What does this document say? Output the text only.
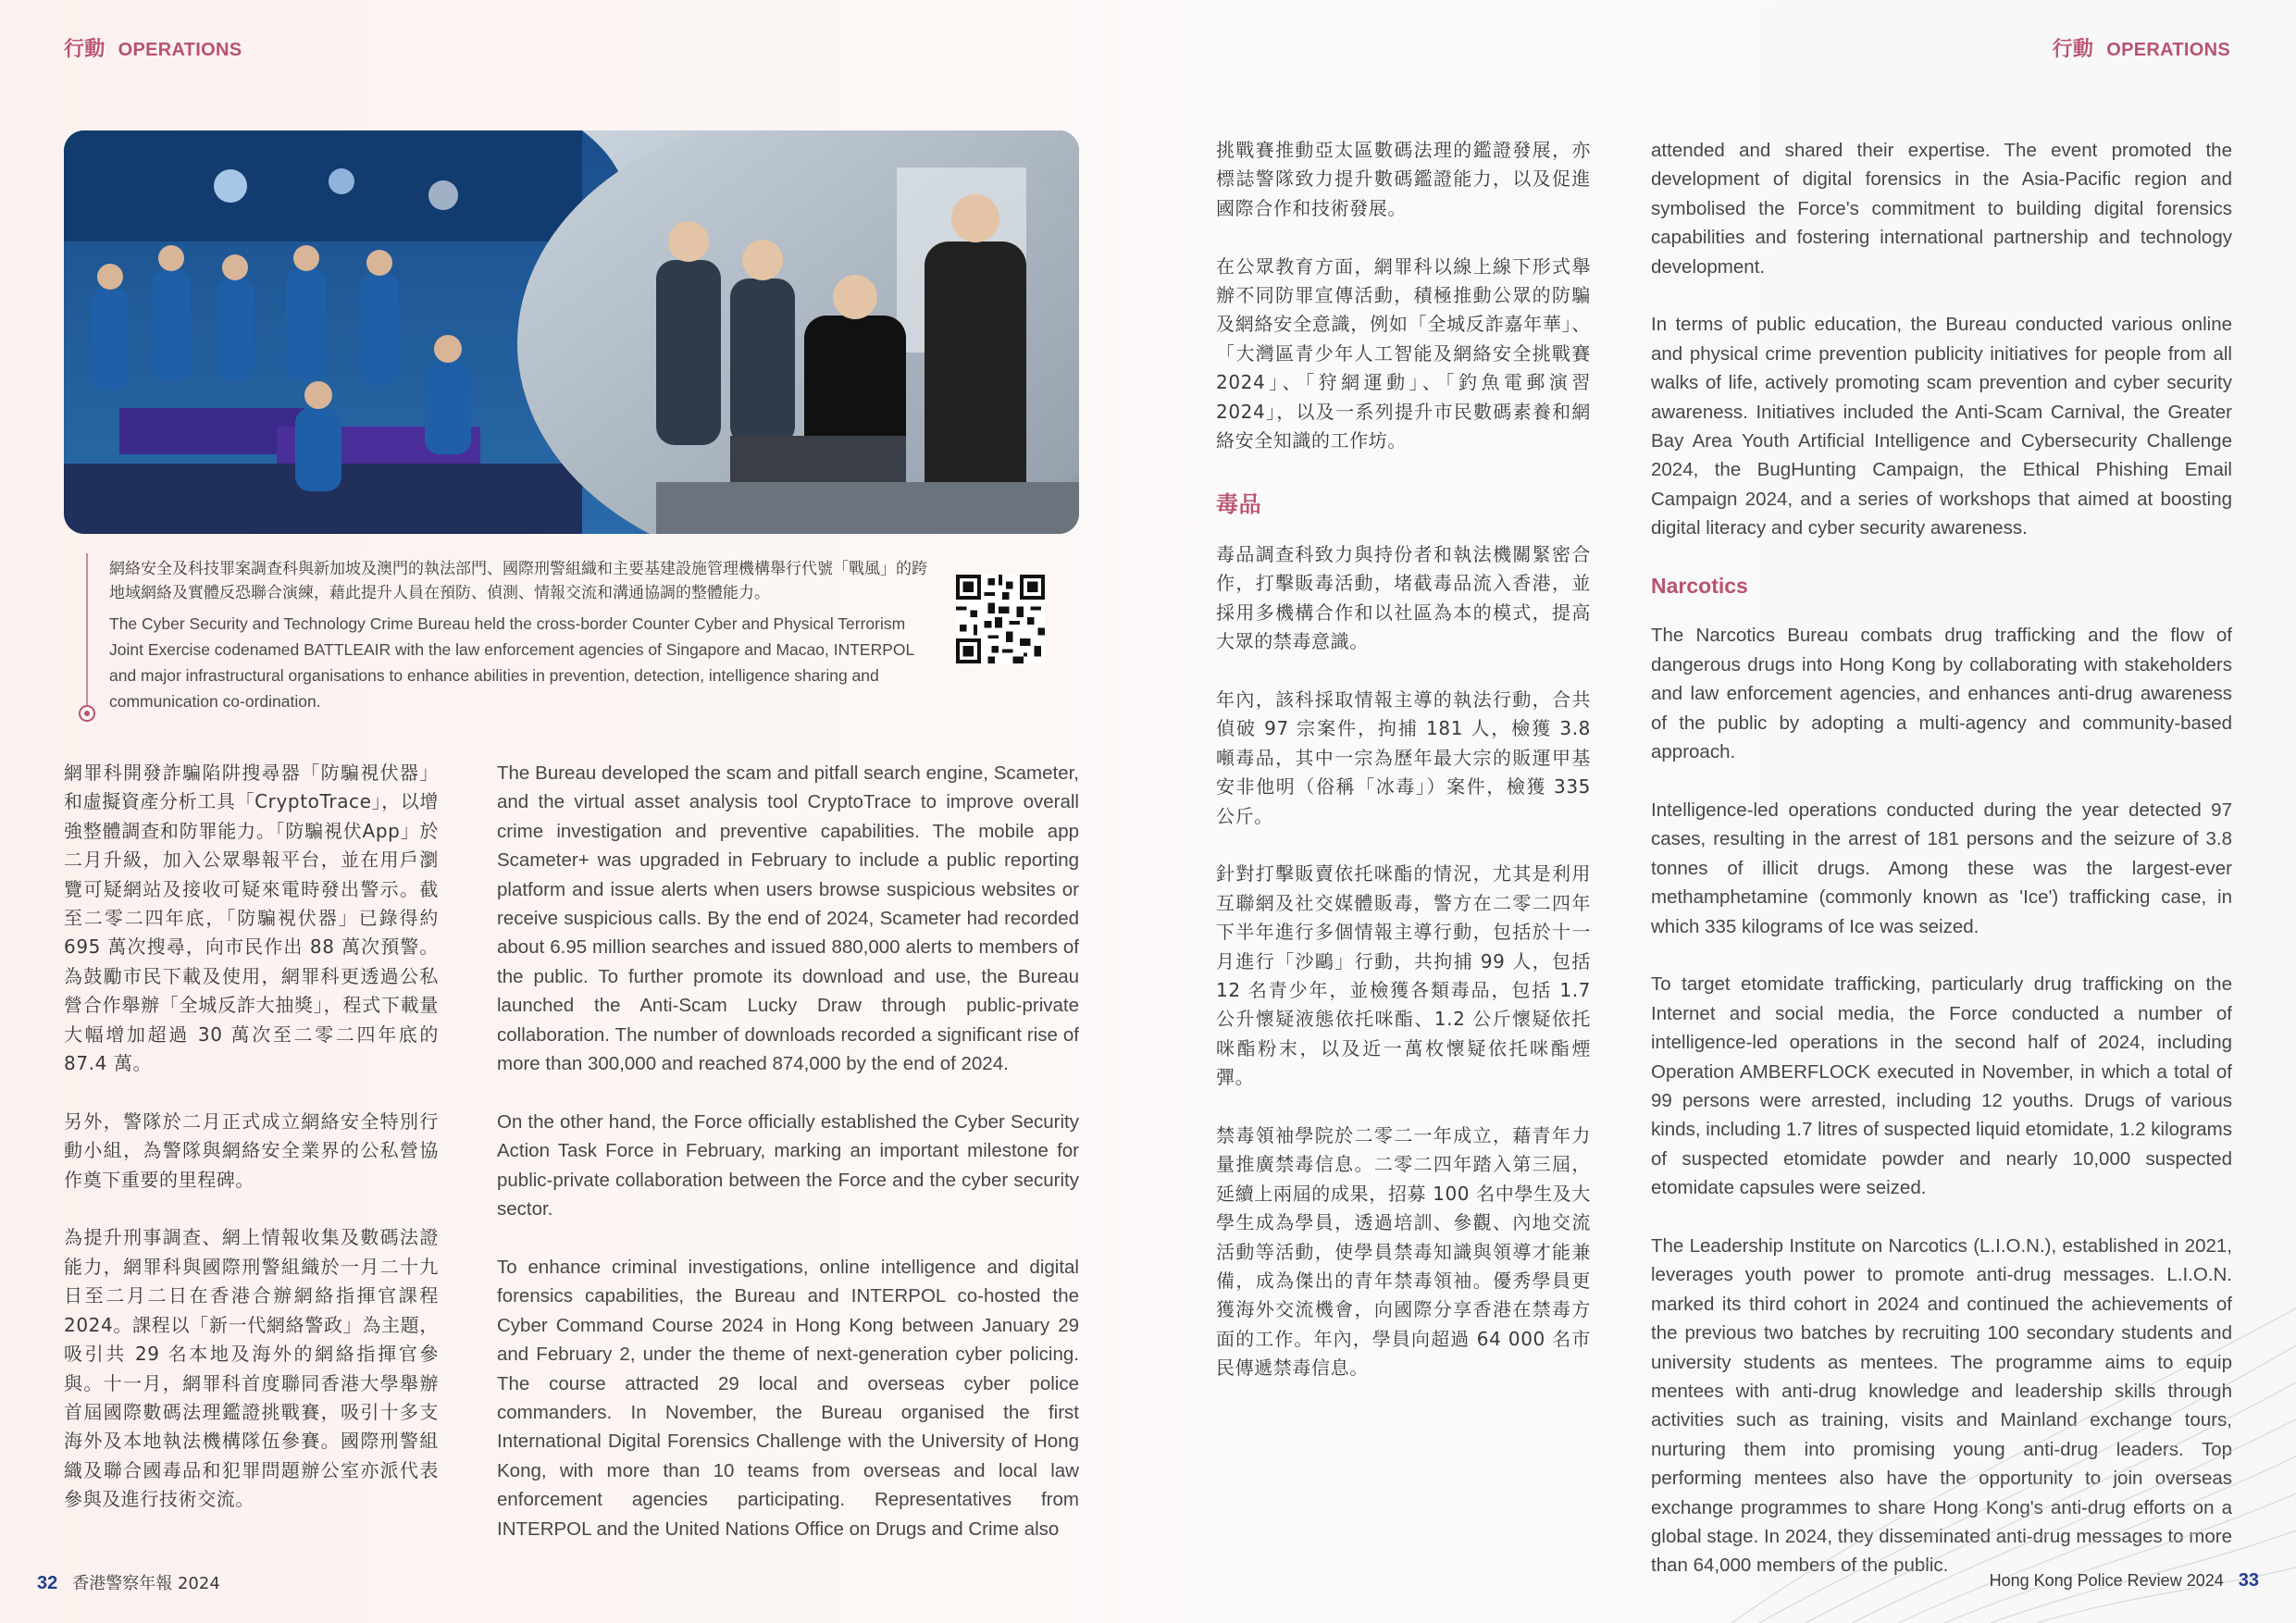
行動 OPERATIONS	行動 OPERATIONS
網絡安全及科技罪案調查科與新加坡及澳門的執法部門、國際刑警組織和主要基建設施管理機構舉行代號「戰風」的跨地域網絡及實體反恐聯合演練，藉此提升人員在預防、偵測、情報交流和溝通協調的整體能力。
The Cyber Security and Technology Crime Bureau held the cross-border Counter Cyber and Physical Terrorism Joint Exercise codenamed BATTLEAIR with the law enforcement agencies of Singapore and Macao, INTERPOL and major infrastructural organisations to enhance abilities in prevention, detection, intelligence sharing and communication co-ordination.

網罪科開發詐騙陷阱搜尋器「防騙視伏器」和虛擬資產分析工具「CryptoTrace」，以增強整體調查和防罪能力。「防騙視伏App」於二月升級，加入公眾舉報平台，並在用戶瀏覽可疑網站及接收可疑來電時發出警示。截至二零二四年底，「防騙視伏器」已錄得約 695 萬次搜尋，向市民作出 88 萬次預警。為鼓勵市民下載及使用，網罪科更透過公私營合作舉辦「全城反詐大抽獎」，程式下載量大幅增加超過 30 萬次至二零二四年底的 87.4 萬。

另外，警隊於二月正式成立網絡安全特別行動小組，為警隊與網絡安全業界的公私營協作奠下重要的里程碑。

為提升刑事調查、網上情報收集及數碼法證能力，網罪科與國際刑警組織於一月二十九日至二月二日在香港合辦網絡指揮官課程 2024。課程以「新一代網絡警政」為主題，吸引共 29 名本地及海外的網絡指揮官參與。十一月，網罪科首度聯同香港大學舉辦首屆國際數碼法理鑑證挑戰賽，吸引十多支海外及本地執法機構隊伍參賽。國際刑警組織及聯合國毒品和犯罪問題辦公室亦派代表參與及進行技術交流。

The Bureau developed the scam and pitfall search engine, Scameter, and the virtual asset analysis tool CryptoTrace to improve overall crime investigation and preventive capabilities. The mobile app Scameter+ was upgraded in February to include a public reporting platform and issue alerts when users browse suspicious websites or receive suspicious calls. By the end of 2024, Scameter had recorded about 6.95 million searches and issued 880,000 alerts to members of the public. To further promote its download and use, the Bureau launched the Anti-Scam Lucky Draw through public-private collaboration. The number of downloads recorded a significant rise of more than 300,000 and reached 874,000 by the end of 2024.

On the other hand, the Force officially established the Cyber Security Action Task Force in February, marking an important milestone for public-private collaboration between the Force and the cyber security sector.

To enhance criminal investigations, online intelligence and digital forensics capabilities, the Bureau and INTERPOL co-hosted the Cyber Command Course 2024 in Hong Kong between January 29 and February 2, under the theme of next-generation cyber policing. The course attracted 29 local and overseas cyber police commanders. In November, the Bureau organised the first International Digital Forensics Challenge with the University of Hong Kong, with more than 10 teams from overseas and local law enforcement agencies participating. Representatives from INTERPOL and the United Nations Office on Drugs and Crime also

挑戰賽推動亞太區數碼法理的鑑證發展，亦標誌警隊致力提升數碼鑑證能力，以及促進國際合作和技術發展。

在公眾教育方面，網罪科以線上線下形式舉辦不同防罪宣傳活動，積極推動公眾的防騙及網絡安全意識，例如「全城反詐嘉年華」、「大灣區青少年人工智能及網絡安全挑戰賽 2024」、「狩網運動」、「釣魚電郵演習 2024」，以及一系列提升市民數碼素養和網絡安全知識的工作坊。

毒品

毒品調查科致力與持份者和執法機關緊密合作，打擊販毒活動，堵截毒品流入香港，並採用多機構合作和以社區為本的模式，提高大眾的禁毒意識。

年內，該科採取情報主導的執法行動，合共偵破 97 宗案件，拘捕 181 人，檢獲 3.8 噸毒品，其中一宗為歷年最大宗的販運甲基安非他明（俗稱「冰毒」）案件，檢獲 335 公斤。

針對打擊販賣依托咪酯的情況，尤其是利用互聯網及社交媒體販毒，警方在二零二四年下半年進行多個情報主導行動，包括於十一月進行「沙鷗」行動，共拘捕 99 人，包括 12 名青少年，並檢獲各類毒品，包括 1.7 公升懷疑液態依托咪酯、1.2 公斤懷疑依托咪酯粉末，以及近一萬枚懷疑依托咪酯煙彈。

禁毒領袖學院於二零二一年成立，藉青年力量推廣禁毒信息。二零二四年踏入第三屆，延續上兩屆的成果，招募 100 名中學生及大學生成為學員，透過培訓、參觀、內地交流活動等活動，使學員禁毒知識與領導才能兼備，成為傑出的青年禁毒領袖。優秀學員更獲海外交流機會，向國際分享香港在禁毒方面的工作。年內，學員向超過 64 000 名市民傳遞禁毒信息。

attended and shared their expertise. The event promoted the development of digital forensics in the Asia-Pacific region and symbolised the Force's commitment to building digital forensics capabilities and fostering international partnership and technology development.

In terms of public education, the Bureau conducted various online and physical crime prevention publicity initiatives for people from all walks of life, actively promoting scam prevention and cyber security awareness. Initiatives included the Anti-Scam Carnival, the Greater Bay Area Youth Artificial Intelligence and Cybersecurity Challenge 2024, the BugHunting Campaign, the Ethical Phishing Email Campaign 2024, and a series of workshops that aimed at boosting digital literacy and cyber security awareness.

Narcotics

The Narcotics Bureau combats drug trafficking and the flow of dangerous drugs into Hong Kong by collaborating with stakeholders and law enforcement agencies, and enhances anti-drug awareness of the public by adopting a multi-agency and community-based approach.

Intelligence-led operations conducted during the year detected 97 cases, resulting in the arrest of 181 persons and the seizure of 3.8 tonnes of illicit drugs. Among these was the largest-ever methamphetamine (commonly known as 'Ice') trafficking case, in which 335 kilograms of Ice was seized.

To target etomidate trafficking, particularly drug trafficking on the Internet and social media, the Force conducted a number of intelligence-led operations in the second half of 2024, including Operation AMBERFLOCK executed in November, in which a total of 99 persons were arrested, including 12 youths. Drugs of various kinds, including 1.7 litres of suspected liquid etomidate, 1.2 kilograms of suspected etomidate powder and nearly 10,000 suspected etomidate capsules were seized.

The Leadership Institute on Narcotics (L.I.O.N.), established in 2021, leverages youth power to promote anti-drug messages. L.I.O.N. marked its third cohort in 2024 and continued the achievements of the previous two batches by recruiting 100 secondary students and university students as mentees. The programme aims to equip mentees with anti-drug knowledge and leadership skills through activities such as training, visits and Mainland exchange tours, nurturing them into promising young anti-drug leaders. Top performing mentees also have the opportunity to join overseas exchange programmes to share Hong Kong's anti-drug efforts on a global stage. In 2024, they disseminated anti-drug messages to more than 64,000 members of the public.

32 香港警察年報 2024	Hong Kong Police Review 2024 33
